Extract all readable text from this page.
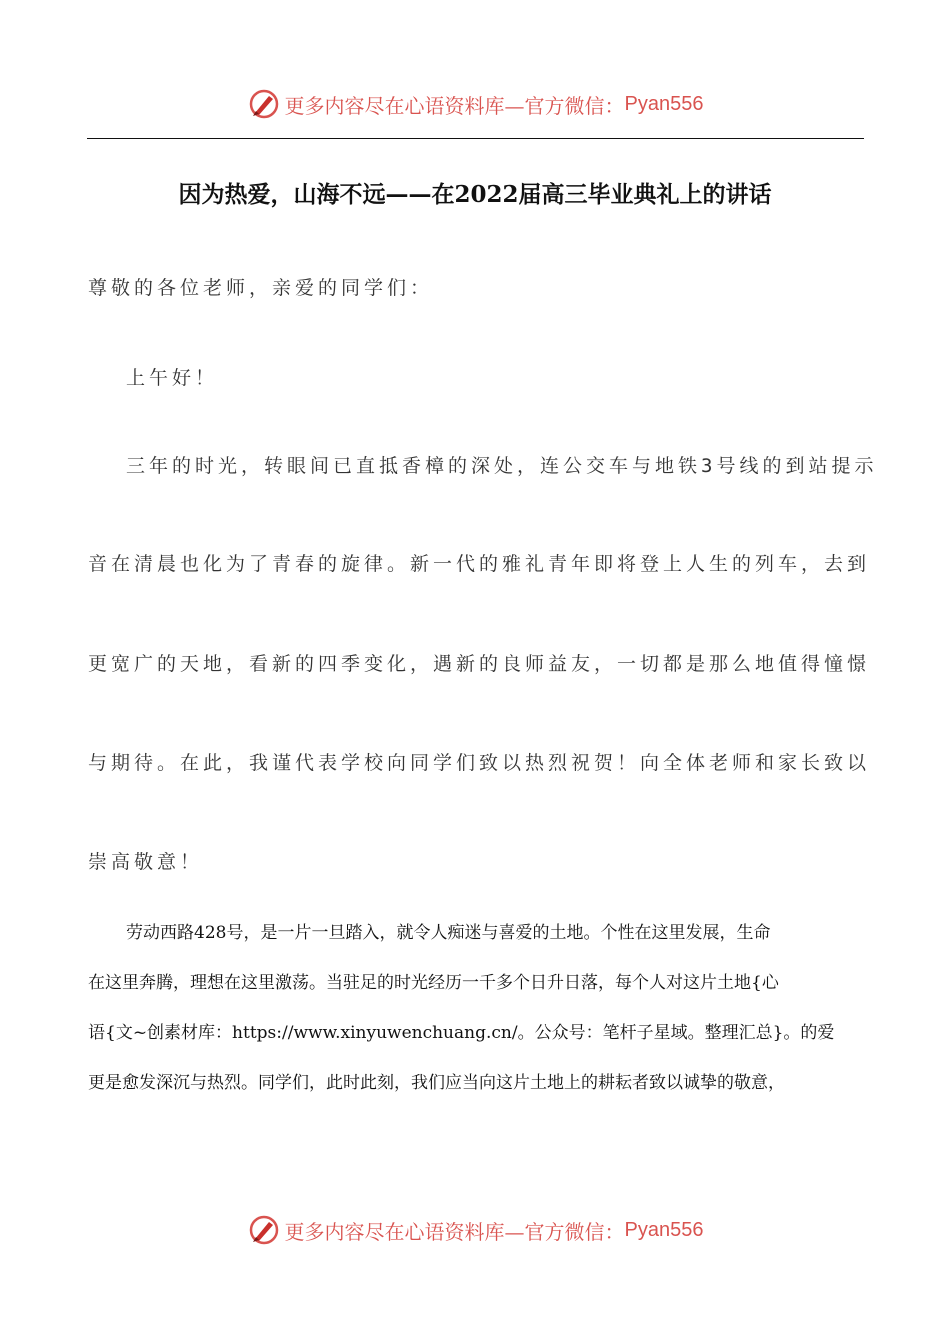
更多内容尽在心语资料库—官方微信： Pyan556
因为热爱，山海不远——在2022届高三毕业典礼上的讲话
尊敬的各位老师，亲爱的同学们：
上午好！
三年的时光，转眼间已直抵香樟的深处，连公交车与地铁3号线的到站提示
音在清晨也化为了青春的旋律。新一代的雅礼青年即将登上人生的列车，去到
更宽广的天地，看新的四季变化，遇新的良师益友，一切都是那么地值得憧憬
与期待。在此，我谨代表学校向同学们致以热烈祝贺！向全体老师和家长致以
崇高敬意！
劳动西路428号，是一片一旦踏入，就令人痴迷与喜爱的土地。个性在这里发展，生命
在这里奔腾，理想在这里激荡。当驻足的时光经历一千多个日升日落，每个人对这片土地{心
语{文~创素材库：https://www.xinyuwenchuang.cn/。公众号：笔杆子星域。整理汇总}。的爱
更是愈发深沉与热烈。同学们，此时此刻，我们应当向这片土地上的耕耘者致以诚挚的敬意，
更多内容尽在心语资料库—官方微信： Pyan556
